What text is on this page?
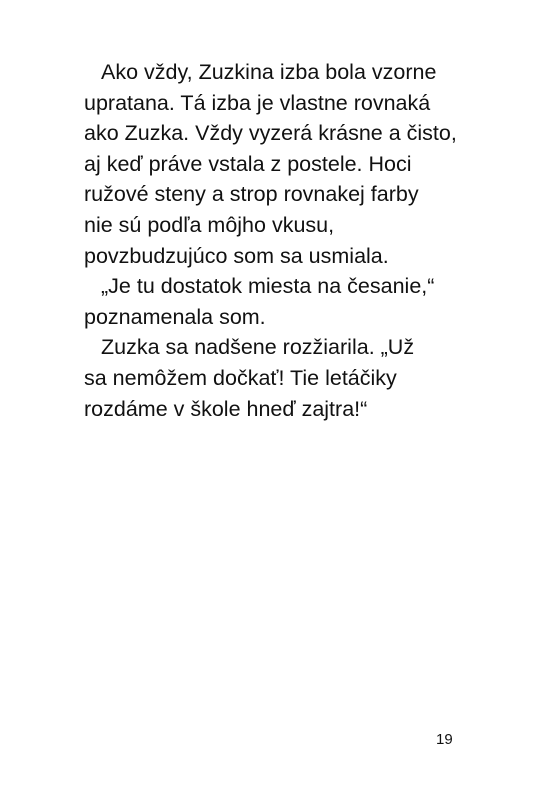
Ako vždy, Zuzkina izba bola vzorne
upratana. Tá izba je vlastne rovnaká
ako Zuzka. Vždy vyzerá krásne a čisto,
aj keď práve vstala z postele. Hoci
ružové steny a strop rovnakej farby
nie sú podľa môjho vkusu,
povzbudzujúco som sa usmiala.
„Je tu dostatok miesta na česanie,“
poznamenala som.
Zuzka sa nadšene rozžiarila. „Už
sa nemôžem dočkať! Tie letáčiky
rozdáme v škole hneď zajtra!“
19
